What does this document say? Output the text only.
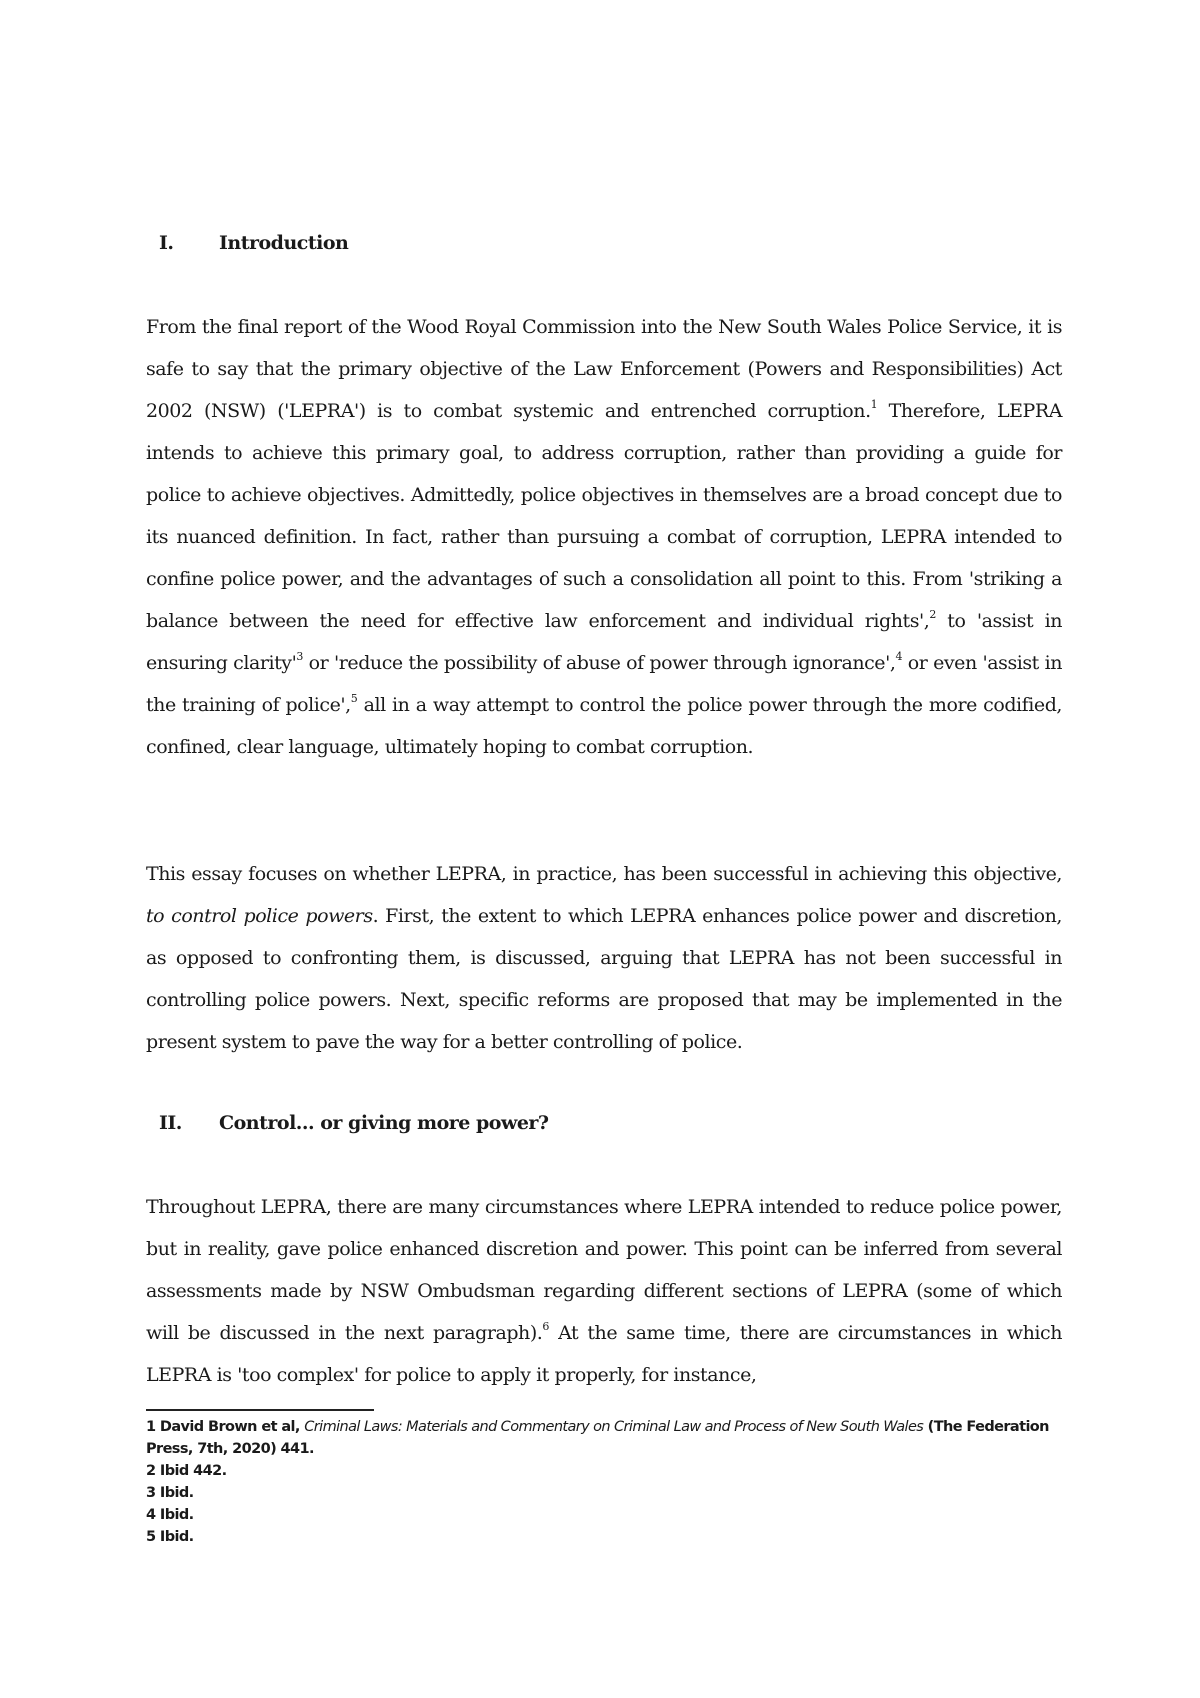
I.	Introduction

From the final report of the Wood Royal Commission into the New South Wales Police Service, it is safe to say that the primary objective of the Law Enforcement (Powers and Responsibilities) Act 2002 (NSW) ('LEPRA') is to combat systemic and entrenched corruption.$^1$ Therefore, LEPRA intends to achieve this primary goal, to address corruption, rather than providing a guide for police to achieve objectives. Admittedly, police objectives in themselves are a broad concept due to its nuanced definition. In fact, rather than pursuing a combat of corruption, LEPRA intended to confine police power, and the advantages of such a consolidation all point to this. From 'striking a balance between the need for effective law enforcement and individual rights',$^2$ to 'assist in ensuring $clarity'^3$ or 'reduce the possibility of abuse of power through ignorance',$^4$ or even 'assist in the training of police',$^5$ all in a way attempt to control the police power through the more codified, confined, clear language, ultimately hoping to combat corruption.

This essay focuses on whether LEPRA, in practice, has been successful in achieving this objective, to control police powers. First, the extent to which LEPRA enhances police power and discretion, as opposed to confronting them, is discussed, arguing that LEPRA has not been successful in controlling police powers. Next, specific reforms are proposed that may be implemented in the present system to pave the way for a better controlling of police.

II.	Control... or giving more power?

Throughout LEPRA, there are many circumstances where LEPRA intended to reduce police power, but in reality, gave police enhanced discretion and power. This point can be inferred from several assessments made by NSW Ombudsman regarding different sections of LEPRA (some of which will be discussed in the next paragraph).$^6$ At the same time, there are circumstances in which LEPRA is 'too complex' for police to apply it properly, for instance,

1 David Brown et al, Criminal Laws: Materials and Commentary on Criminal Law and Process of New South Wales (The Federation Press, 7th, 2020) 441.

2 Ibid 442.

3 Ibid.

4 Ibid.

5 Ibid.
